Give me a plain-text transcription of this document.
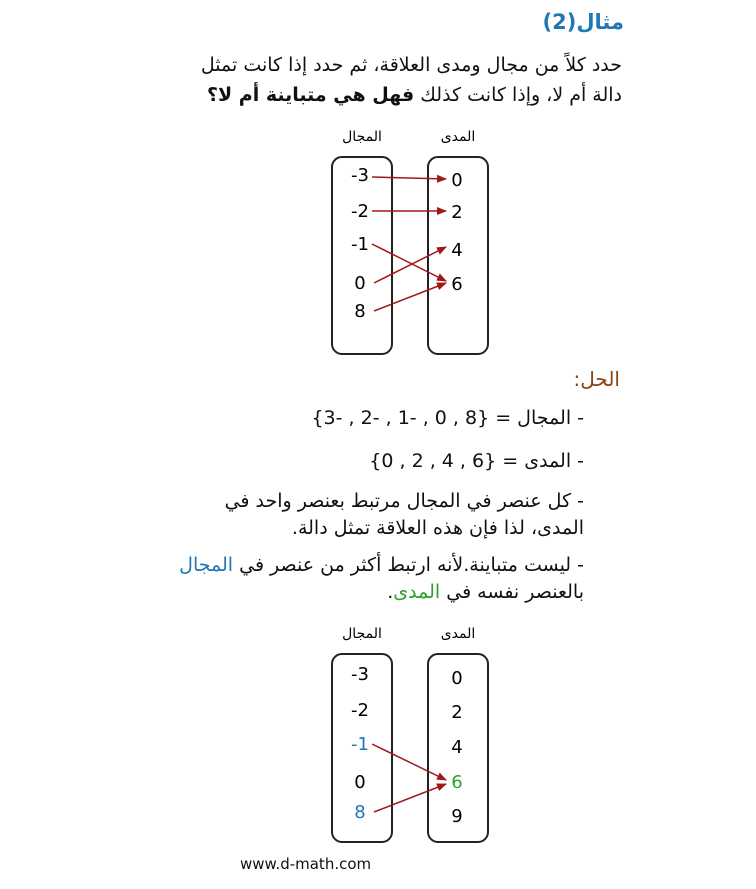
مثال(2)
حدد كلاً من مجال ومدى العلاقة، ثم حدد إذا كانت تمثل
دالة أم لا، وإذا كانت كذلك فهل هي متباينة أم لا؟
المجال	المدى
-3
-2
-1
0
8
0
2
4
6
الحل:
- المجال = {8 , 0 , -1 , -2 , -3}
- المدى = {6 , 4 , 2 , 0}
- كل عنصر في المجال مرتبط بعنصر واحد في
المدى، لذا فإن هذه العلاقة تمثل دالة.
- ليست متباينة.لأنه ارتبط أكثر من عنصر في المجال
بالعنصر نفسه في المدى.
المجال	المدى
-3
-2
-1
0
8
0
2
4
6
9
www.d-math.com
